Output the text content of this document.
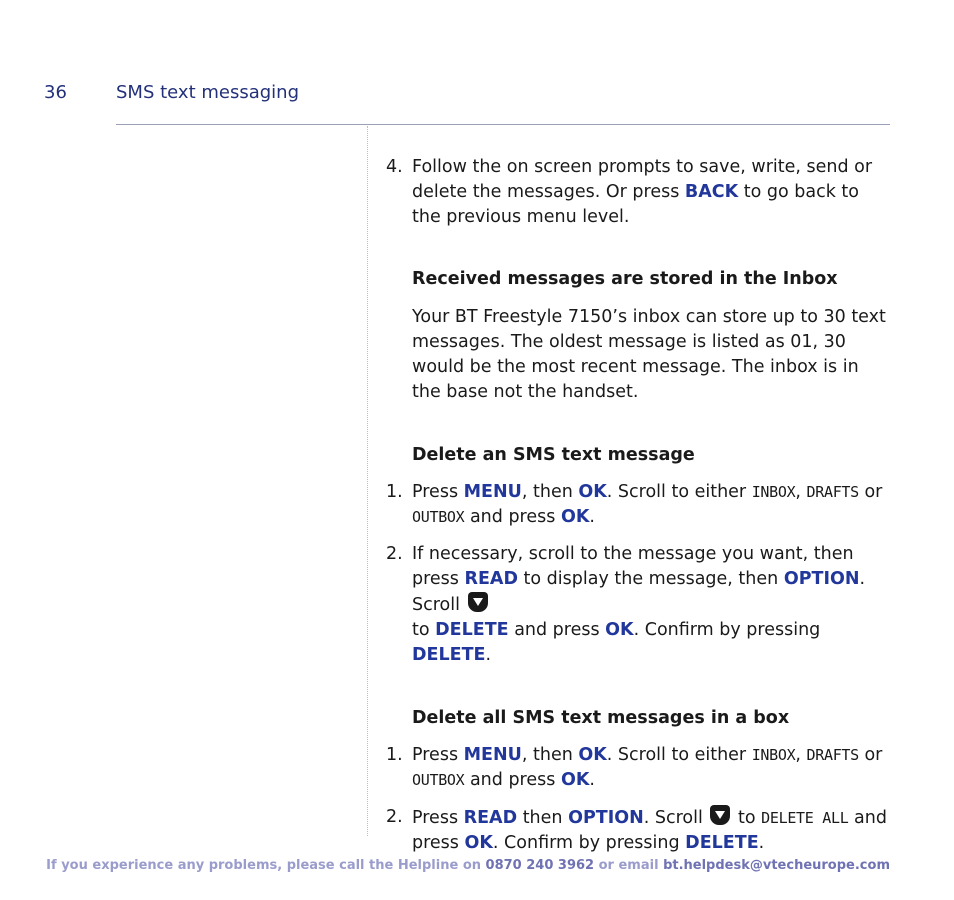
36	SMS text messaging
4. Follow the on screen prompts to save, write, send or delete the messages. Or press BACK to go back to the previous menu level.

Received messages are stored in the Inbox

Your BT Freestyle 7150’s inbox can store up to 30 text messages. The oldest message is listed as 01, 30 would be the most recent message. The inbox is in the base not the handset.

Delete an SMS text message

1. Press MENU, then OK. Scroll to either INBOX, DRAFTS or OUTBOX and press OK.
2. If necessary, scroll to the message you want, then press READ to display the message, then OPTION. Scroll
to DELETE and press OK. Confirm by pressing DELETE.

Delete all SMS text messages in a box

1. Press MENU, then OK. Scroll to either INBOX, DRAFTS or OUTBOX and press OK.
2. Press READ then OPTION. Scroll  to DELETE ALL and press OK. Confirm by pressing DELETE.
If you experience any problems, please call the Helpline on 0870 240 3962 or email bt.helpdesk@vtecheurope.com
